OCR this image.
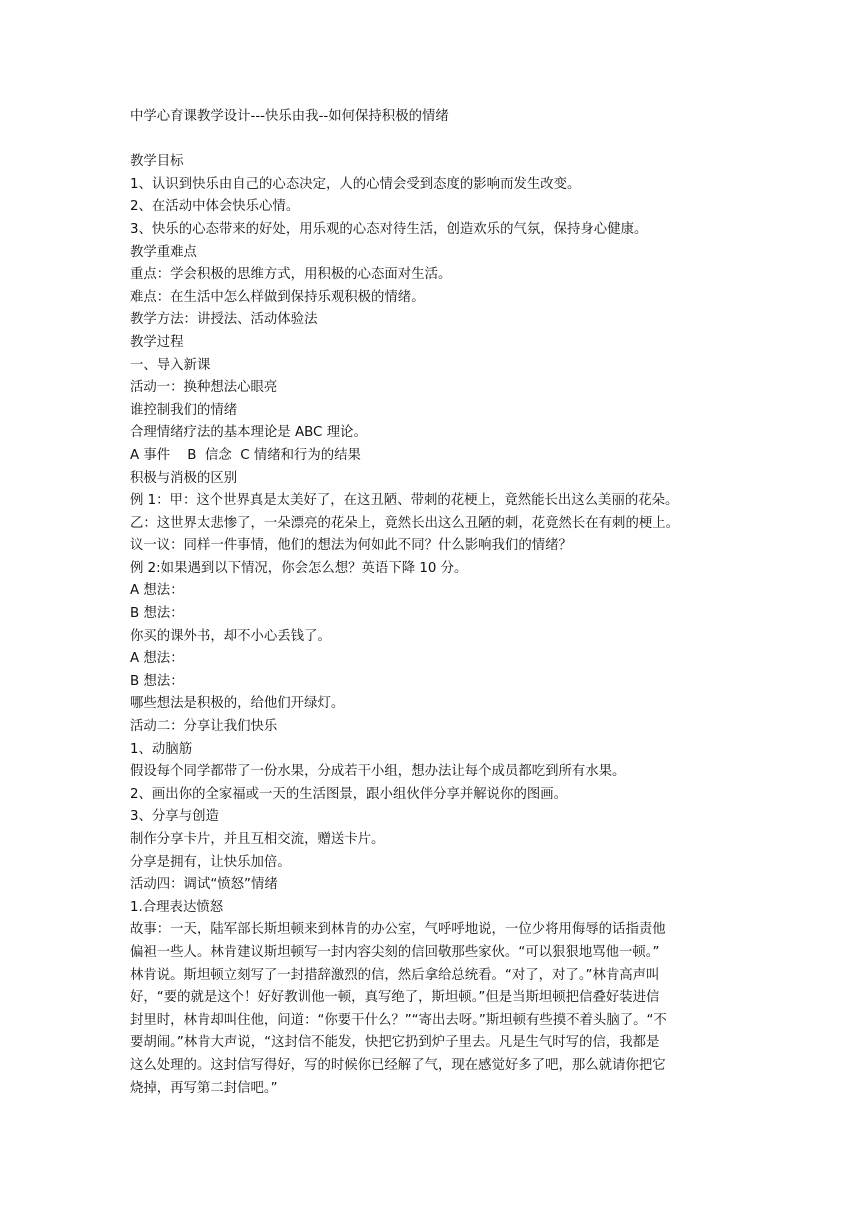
中学心育课教学设计---快乐由我--如何保持积极的情绪

教学目标

1、认识到快乐由自己的心态决定，人的心情会受到态度的影响而发生改变。

2、在活动中体会快乐心情。

3、快乐的心态带来的好处，用乐观的心态对待生活，创造欢乐的气氛，保持身心健康。

教学重难点

重点：学会积极的思维方式，用积极的心态面对生活。

难点：在生活中怎么样做到保持乐观积极的情绪。

教学方法：讲授法、活动体验法

教学过程

一、导入新课

活动一：换种想法心眼亮

谁控制我们的情绪

合理情绪疗法的基本理论是 ABC 理论。

A 事件    B  信念  C 情绪和行为的结果

积极与消极的区别

例 1：甲：这个世界真是太美好了，在这丑陋、带刺的花梗上，竟然能长出这么美丽的花朵。

乙：这世界太悲惨了，一朵漂亮的花朵上，竟然长出这么丑陋的刺，花竟然长在有刺的梗上。

议一议：同样一件事情，他们的想法为何如此不同？什么影响我们的情绪？

例 2:如果遇到以下情况，你会怎么想？英语下降 10 分。

A 想法：

B 想法：

你买的课外书，却不小心丢钱了。

A 想法：

B 想法：

哪些想法是积极的，给他们开绿灯。

活动二：分享让我们快乐

1、动脑筋

假设每个同学都带了一份水果，分成若干小组，想办法让每个成员都吃到所有水果。

2、画出你的全家福或一天的生活图景，跟小组伙伴分享并解说你的图画。

3、分享与创造

制作分享卡片，并且互相交流，赠送卡片。

分享是拥有，让快乐加倍。

活动四：调试“愤怒”情绪

1.合理表达愤怒

故事：一天，陆军部长斯坦顿来到林肯的办公室，气呼呼地说，一位少将用侮辱的话指责他

偏袒一些人。林肯建议斯坦顿写一封内容尖刻的信回敬那些家伙。“可以狠狠地骂他一顿。”

林肯说。斯坦顿立刻写了一封措辞激烈的信，然后拿给总统看。“对了，对了。”林肯高声叫

好，“要的就是这个！好好教训他一顿，真写绝了，斯坦顿。”但是当斯坦顿把信叠好装进信

封里时，林肯却叫住他，问道：“你要干什么？”“寄出去呀。”斯坦顿有些摸不着头脑了。“不

要胡闹。”林肯大声说，“这封信不能发，快把它扔到炉子里去。凡是生气时写的信，我都是

这么处理的。这封信写得好，写的时候你已经解了气，现在感觉好多了吧，那么就请你把它

烧掉，再写第二封信吧。”
